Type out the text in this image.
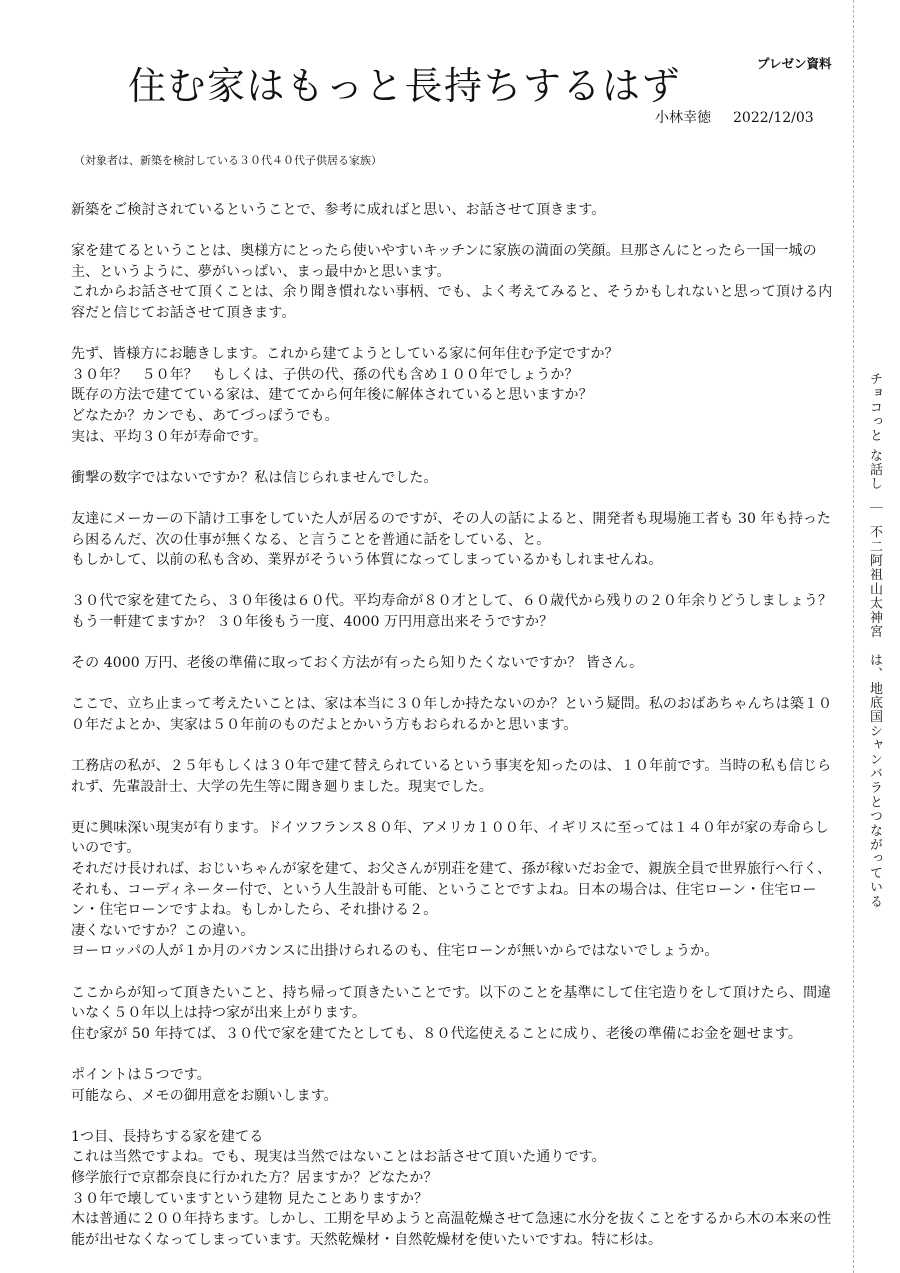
住む家はもっと長持ちするはず
プレゼン資料
小林幸徳 2022/12/03
（対象者は、新築を検討している３０代４０代子供居る家族）

新築をご検討されているということで、参考に成ればと思い、お話させて頂きます。

家を建てるということは、奥様方にとったら使いやすいキッチンに家族の満面の笑顔。旦那さんにとったら一国一城の主、というように、夢がいっぱい、まっ最中かと思います。
これからお話させて頂くことは、余り聞き慣れない事柄、でも、よく考えてみると、そうかもしれないと思って頂ける内容だと信じてお話させて頂きます。

先ず、皆様方にお聴きします。これから建てようとしている家に何年住む予定ですか？
３０年？　５０年？　もしくは、子供の代、孫の代も含め１００年でしょうか？
既存の方法で建てている家は、建ててから何年後に解体されていると思いますか？
どなたか？カンでも、あてづっぽうでも。
実は、平均３０年が寿命です。

衝撃の数字ではないですか？私は信じられませんでした。

友達にメーカーの下請け工事をしていた人が居るのですが、その人の話によると、開発者も現場施工者も 30 年も持ったら困るんだ、次の仕事が無くなる、と言うことを普通に話をしている、と。
もしかして、以前の私も含め、業界がそういう体質になってしまっているかもしれませんね。

３０代で家を建てたら、３０年後は６０代。平均寿命が８０才として、６０歳代から残りの２０年余りどうしましょう？　　もう一軒建てますか？ ３０年後もう一度、4000 万円用意出来そうですか？

その 4000 万円、老後の準備に取っておく方法が有ったら知りたくないですか？ 皆さん。

ここで、立ち止まって考えたいことは、家は本当に３０年しか持たないのか？という疑問。私のおばあちゃんちは築１００年だよとか、実家は５０年前のものだよとかいう方もおられるかと思います。

工務店の私が、２５年もしくは３０年で建て替えられているという事実を知ったのは、１０年前です。当時の私も信じられず、先輩設計士、大学の先生等に聞き廻りました。現実でした。

更に興味深い現実が有ります。ドイツフランス８０年、アメリカ１００年、イギリスに至っては１４０年が家の寿命らしいのです。
それだけ長ければ、おじいちゃんが家を建て、お父さんが別荘を建て、孫が稼いだお金で、親族全員で世界旅行へ行く、それも、コーディネーター付で、という人生設計も可能、ということですよね。日本の場合は、住宅ローン・住宅ローン・住宅ローンですよね。もしかしたら、それ掛ける２。
凄くないですか？この違い。
ヨーロッパの人が１か月のバカンスに出掛けられるのも、住宅ローンが無いからではないでしょうか。

ここからが知って頂きたいこと、持ち帰って頂きたいことです。以下のことを基準にして住宅造りをして頂けたら、間違いなく５０年以上は持つ家が出来上がります。
住む家が 50 年持てば、３０代で家を建てたとしても、８０代迄使えることに成り、老後の準備にお金を廻せます。

ポイントは５つです。
可能なら、メモの御用意をお願いします。

1つ目、長持ちする家を建てる
これは当然ですよね。でも、現実は当然ではないことはお話させて頂いた通りです。
修学旅行で京都奈良に行かれた方？居ますか？どなたか？
３０年で壊していますという建物 見たことありますか？
木は普通に２００年持ちます。しかし、工期を早めようと高温乾燥させて急速に水分を抜くことをするから木の本来の性能が出せなくなってしまっています。天然乾燥材・自然乾燥材を使いたいですね。特に杉は。

チョコっと な話し｜不二阿祖山太神宮　は、地底国シャンバラとつながっている
